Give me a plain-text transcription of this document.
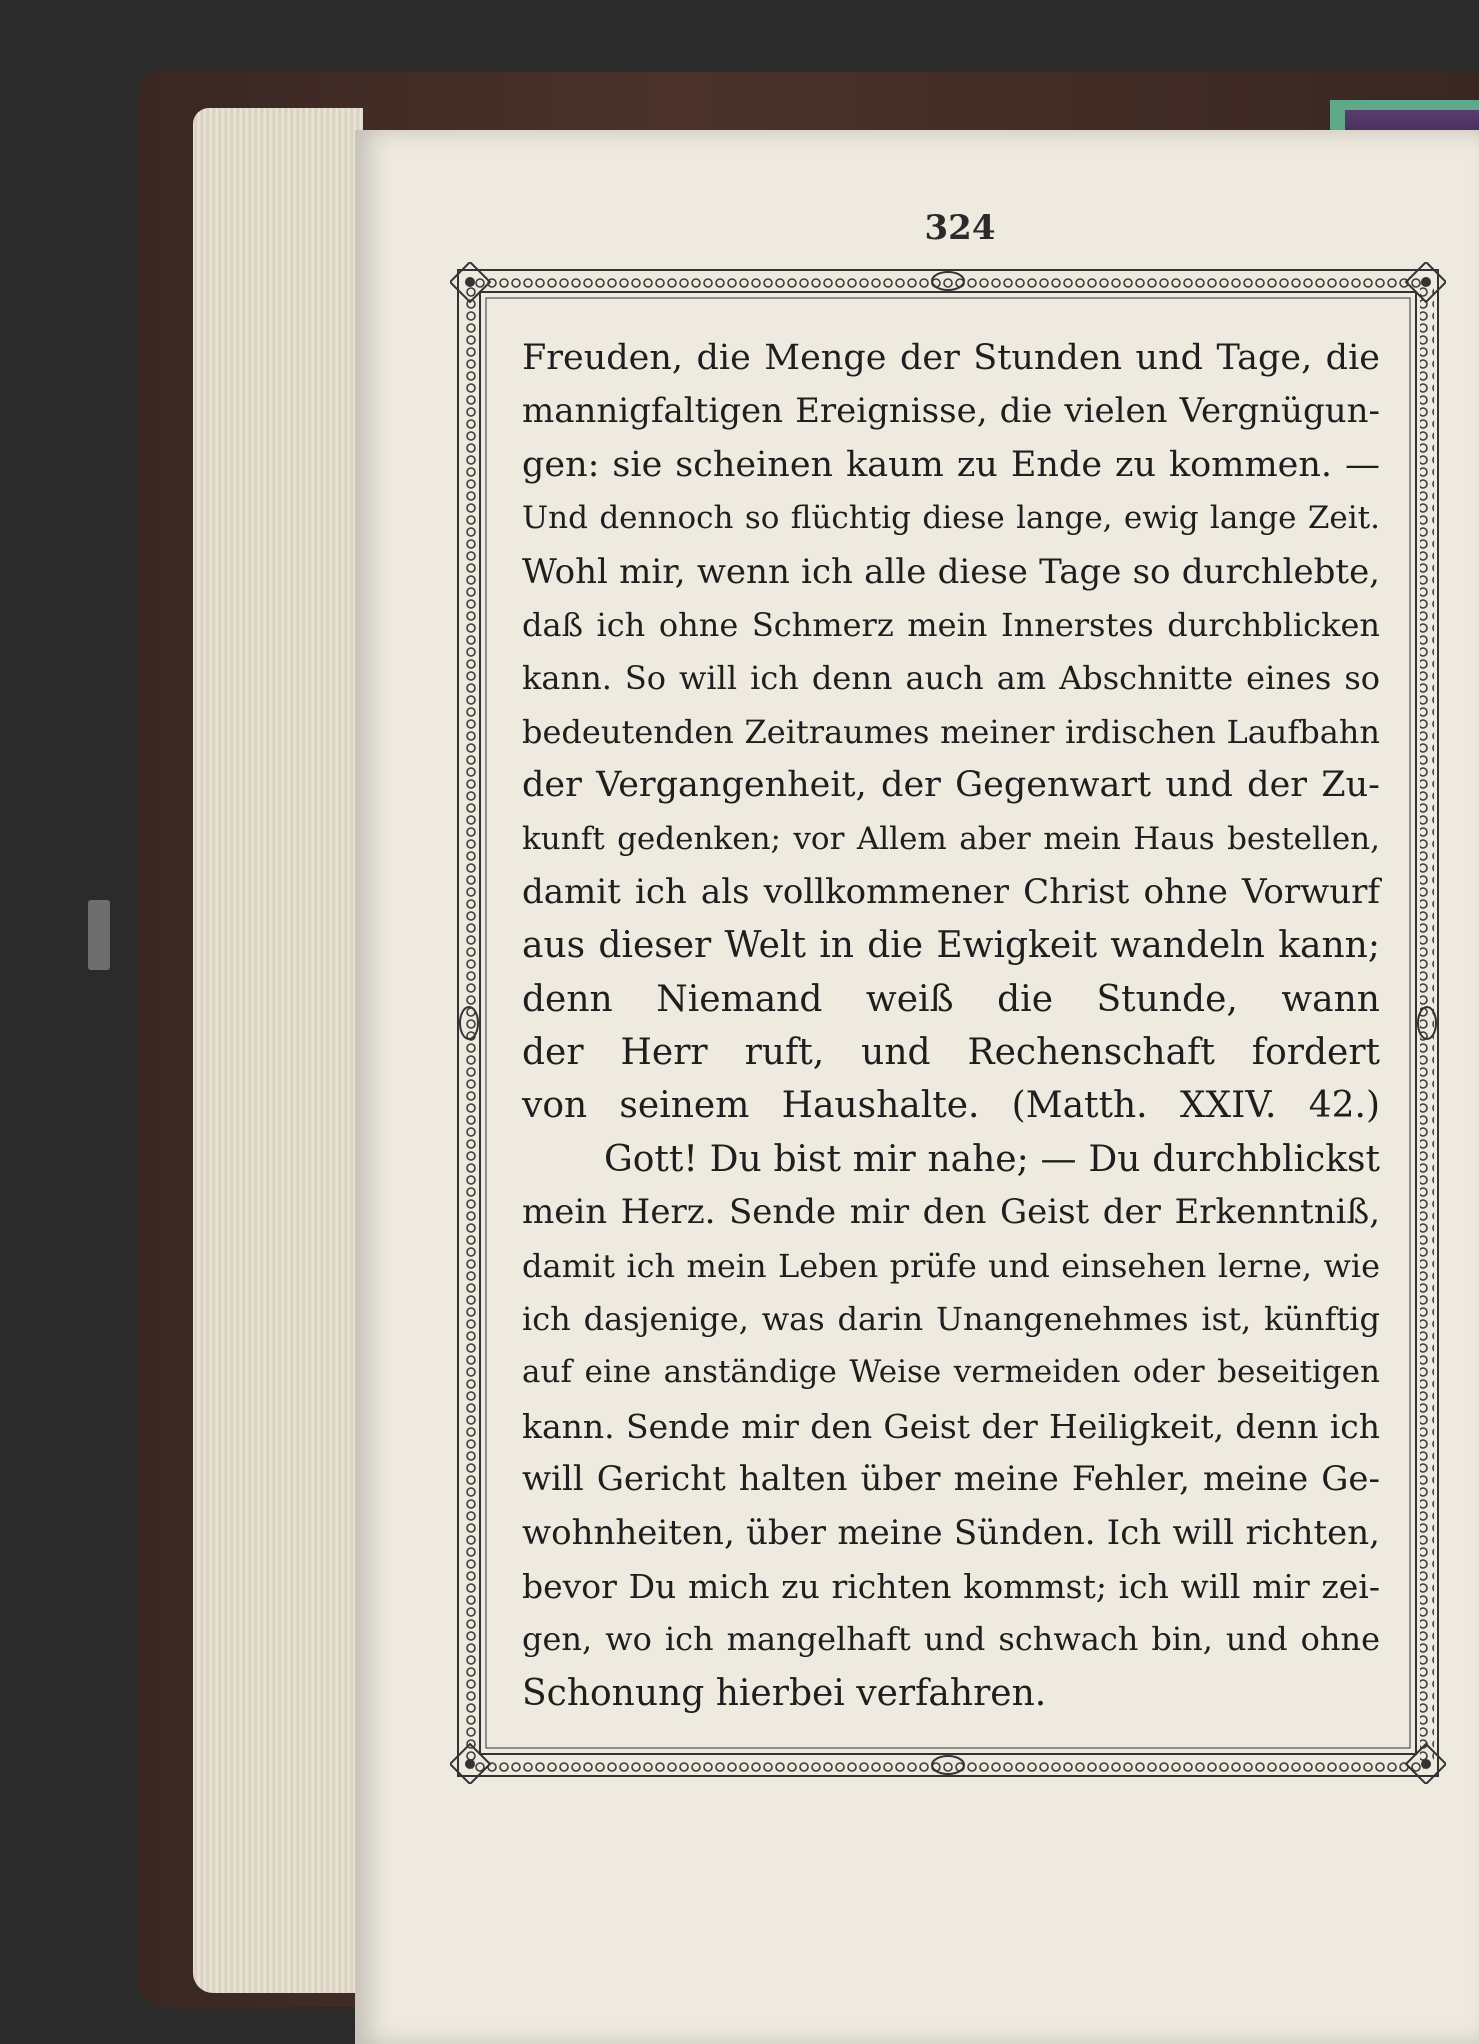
324
Freuden, die Menge der Stunden und Tage, die
mannigfaltigen Ereignisse, die vielen Vergnügun-
gen: sie scheinen kaum zu Ende zu kommen. —
Und dennoch so flüchtig diese lange, ewig lange Zeit.
Wohl mir, wenn ich alle diese Tage so durchlebte,
daß ich ohne Schmerz mein Innerstes durchblicken
kann. So will ich denn auch am Abschnitte eines so
bedeutenden Zeitraumes meiner irdischen Laufbahn
der Vergangenheit, der Gegenwart und der Zu-
kunft gedenken; vor Allem aber mein Haus bestellen,
damit ich als vollkommener Christ ohne Vorwurf
aus dieser Welt in die Ewigkeit wandeln kann;
denn Niemand weiß die Stunde, wann
der Herr ruft, und Rechenschaft fordert
von seinem Haushalte. (Matth. XXIV. 42.)
Gott! Du bist mir nahe; — Du durchblickst
mein Herz. Sende mir den Geist der Erkenntniß,
damit ich mein Leben prüfe und einsehen lerne, wie
ich dasjenige, was darin Unangenehmes ist, künftig
auf eine anständige Weise vermeiden oder beseitigen
kann. Sende mir den Geist der Heiligkeit, denn ich
will Gericht halten über meine Fehler, meine Ge-
wohnheiten, über meine Sünden. Ich will richten,
bevor Du mich zu richten kommst; ich will mir zei-
gen, wo ich mangelhaft und schwach bin, und ohne
Schonung hierbei verfahren.
